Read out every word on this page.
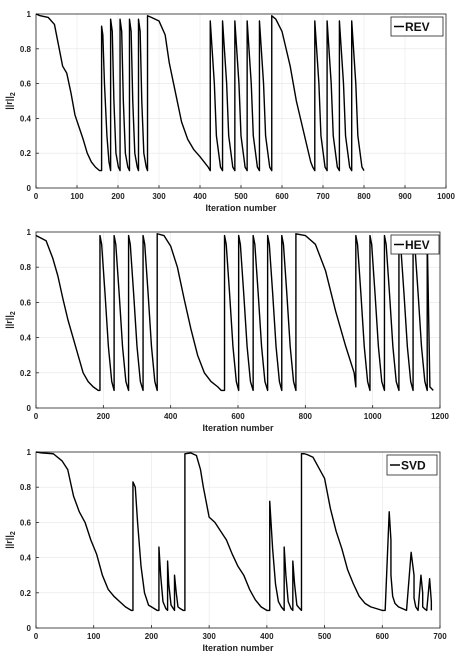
0	100	200	300	400	500	600	700	800	900	1000
0
0.2
0.4
0.6
0.8
1
Iteration number
$||r||_2$
REV
0	200	400	600	800	1000	1200
0
0.2
0.4
0.6
0.8
1
Iteration number
$||r||_2$
HEV
0	100	200	300	400	500	600	700
0
0.2
0.4
0.6
0.8
1
Iteration number
$||r||_2$
SVD
